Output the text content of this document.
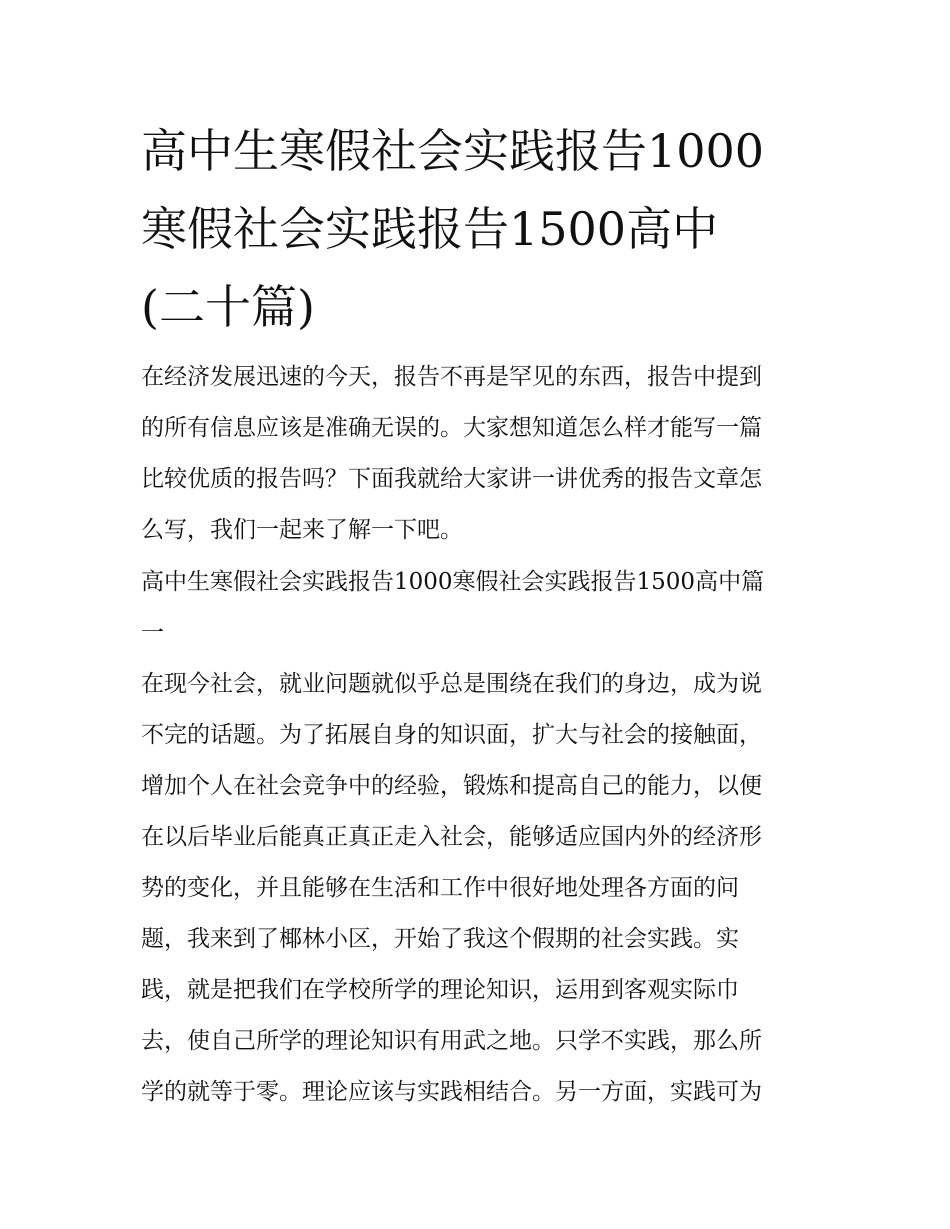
高中生寒假社会实践报告1000
寒假社会实践报告1500高中
(二十篇)

在经济发展迅速的今天，报告不再是罕见的东西，报告中提到
的所有信息应该是准确无误的。大家想知道怎么样才能写一篇
比较优质的报告吗？下面我就给大家讲一讲优秀的报告文章怎
么写，我们一起来了解一下吧。

高中生寒假社会实践报告1000寒假社会实践报告1500高中篇
一

在现今社会，就业问题就似乎总是围绕在我们的身边，成为说
不完的话题。为了拓展自身的知识面，扩大与社会的接触面，
增加个人在社会竞争中的经验，锻炼和提高自己的能力，以便
在以后毕业后能真正真正走入社会，能够适应国内外的经济形
势的变化，并且能够在生活和工作中很好地处理各方面的问
题，我来到了椰林小区，开始了我这个假期的社会实践。实
践，就是把我们在学校所学的理论知识，运用到客观实际巾
去，使自己所学的理论知识有用武之地。只学不实践，那么所
学的就等于零。理论应该与实践相结合。另一方面，实践可为
